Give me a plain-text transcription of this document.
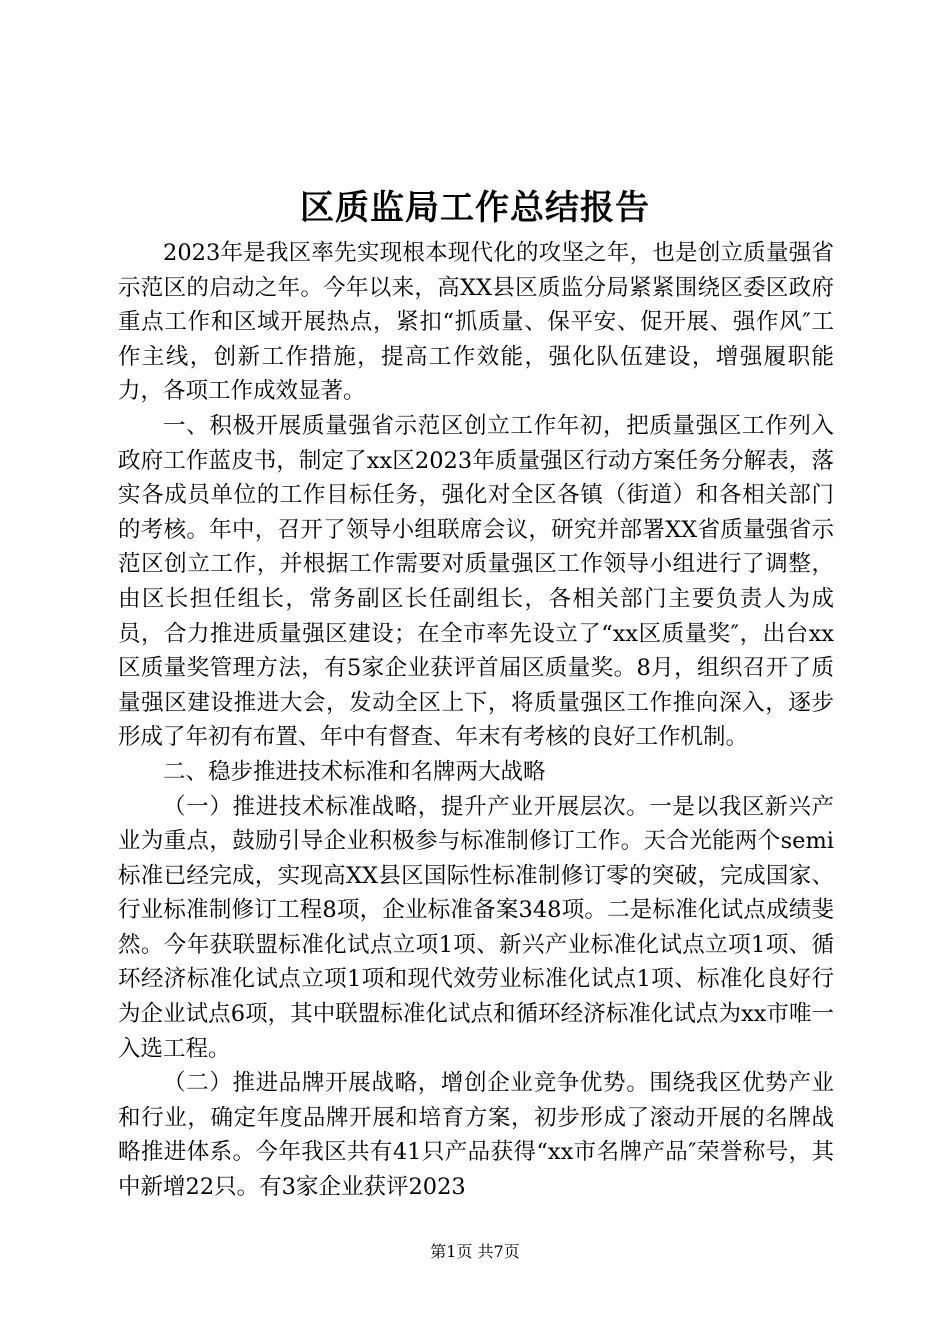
区质监局工作总结报告

2023年是我区率先实现根本现代化的攻坚之年，也是创立质量强省示范区的启动之年。今年以来，高XX县区质监分局紧紧围绕区委区政府重点工作和区域开展热点，紧扣“抓质量、保平安、促开展、强作风″工作主线，创新工作措施，提高工作效能，强化队伍建设，增强履职能力，各项工作成效显著。

一、积极开展质量强省示范区创立工作年初，把质量强区工作列入政府工作蓝皮书，制定了xx区2023年质量强区行动方案任务分解表，落实各成员单位的工作目标任务，强化对全区各镇（街道）和各相关部门的考核。年中，召开了领导小组联席会议，研究并部署XX省质量强省示范区创立工作，并根据工作需要对质量强区工作领导小组进行了调整，由区长担任组长，常务副区长任副组长，各相关部门主要负责人为成员，合力推进质量强区建设；在全市率先设立了“xx区质量奖″，出台xx区质量奖管理方法，有5家企业获评首届区质量奖。8月，组织召开了质量强区建设推进大会，发动全区上下，将质量强区工作推向深入，逐步形成了年初有布置、年中有督查、年末有考核的良好工作机制。

二、稳步推进技术标准和名牌两大战略

（一）推进技术标准战略，提升产业开展层次。一是以我区新兴产业为重点，鼓励引导企业积极参与标准制修订工作。天合光能两个semi标准已经完成，实现高XX县区国际性标准制修订零的突破，完成国家、行业标准制修订工程8项，企业标准备案348项。二是标准化试点成绩斐然。今年获联盟标准化试点立项1项、新兴产业标准化试点立项1项、循环经济标准化试点立项1项和现代效劳业标准化试点1项、标准化良好行为企业试点6项，其中联盟标准化试点和循环经济标准化试点为xx市唯一入选工程。

（二）推进品牌开展战略，增创企业竞争优势。围绕我区优势产业和行业，确定年度品牌开展和培育方案，初步形成了滚动开展的名牌战略推进体系。今年我区共有41只产品获得“xx市名牌产品″荣誉称号，其中新增22只。有3家企业获评2023

第1页 共7页
